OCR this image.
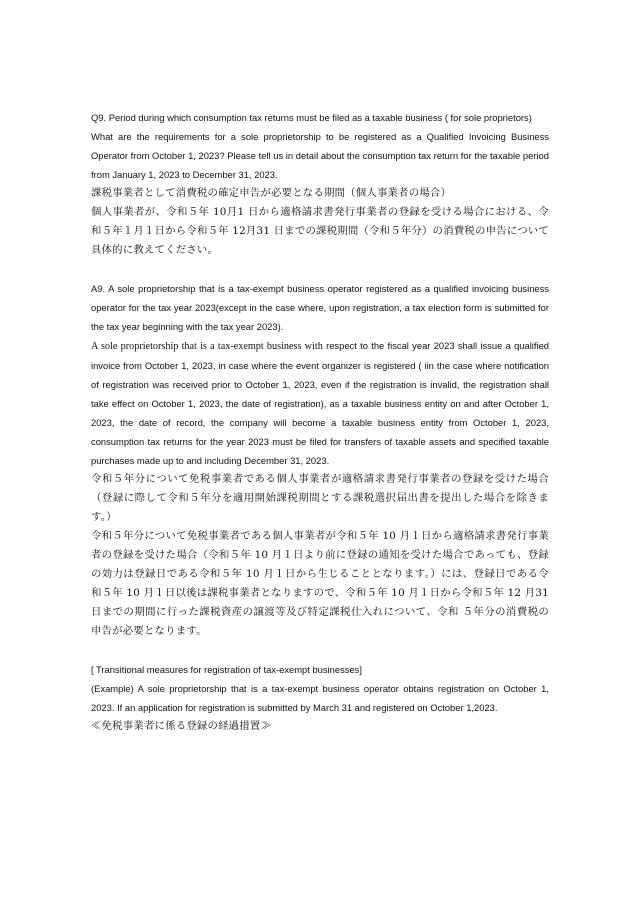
Q9. Period during which consumption tax returns must be filed as a taxable business ( for sole proprietors)

What are the requirements for a sole proprietorship to be registered as a Qualified Invoicing Business Operator from October 1, 2023? Please tell us in detail about the consumption tax return for the taxable period from January 1, 2023 to December 31, 2023.

課税事業者として消費税の確定申告が必要となる期間（個人事業者の場合）

個人事業者が、令和５年 10月1 日から適格請求書発行事業者の登録を受ける場合における、令和５年１月１日から令和５年 12月31 日までの課税期間（令和５年分）の消費税の申告について具体的に教えてください。

A9. A sole proprietorship that is a tax-exempt business operator registered as a qualified invoicing business operator for the tax year 2023(except in the case where, upon registration, a tax election form is submitted for the tax year beginning with the tax year 2023).

A sole proprietorship that is a tax-exempt business with respect to the fiscal year 2023 shall issue a qualified invoice from October 1, 2023, in case where the event organizer is registered ( iin the case where notification of registration was received prior to October 1, 2023, even if the registration is invalid, the registration shall take effect on October 1, 2023, the date of registration), as a taxable business entity on and after October 1, 2023, the date of record, the company will become a taxable business entity from October 1, 2023, consumption tax returns for the year 2023 must be filed for transfers of taxable assets and specified taxable purchases made up to and including December 31, 2023.

令和５年分について免税事業者である個人事業者が適格請求書発行事業者の登録を受けた場合（登録に際して令和５年分を適用開始課税期間とする課税選択届出書を提出した場合を除きます。）

令和５年分について免税事業者である個人事業者が令和５年 10 月１日から適格請求書発行事業者の登録を受けた場合（令和５年 10 月１日より前に登録の通知を受けた場合であっても、登録の効力は登録日である令和５年 10 月１日から生じることとなります。）には、登録日である令和５年 10 月１日以後は課税事業者となりますので、令和５年 10 月１日から令和５年 12 月31 日までの期間に行った課税資産の譲渡等及び特定課税仕入れについて、令和 ５年分の消費税の申告が必要となります。

[ Transitional measures for registration of tax-exempt businesses]

(Example) A sole proprietorship that is a tax-exempt business operator obtains registration on October 1, 2023. If an application for registration is submitted by March 31 and registered on October 1,2023.

≪免税事業者に係る登録の経過措置≫
